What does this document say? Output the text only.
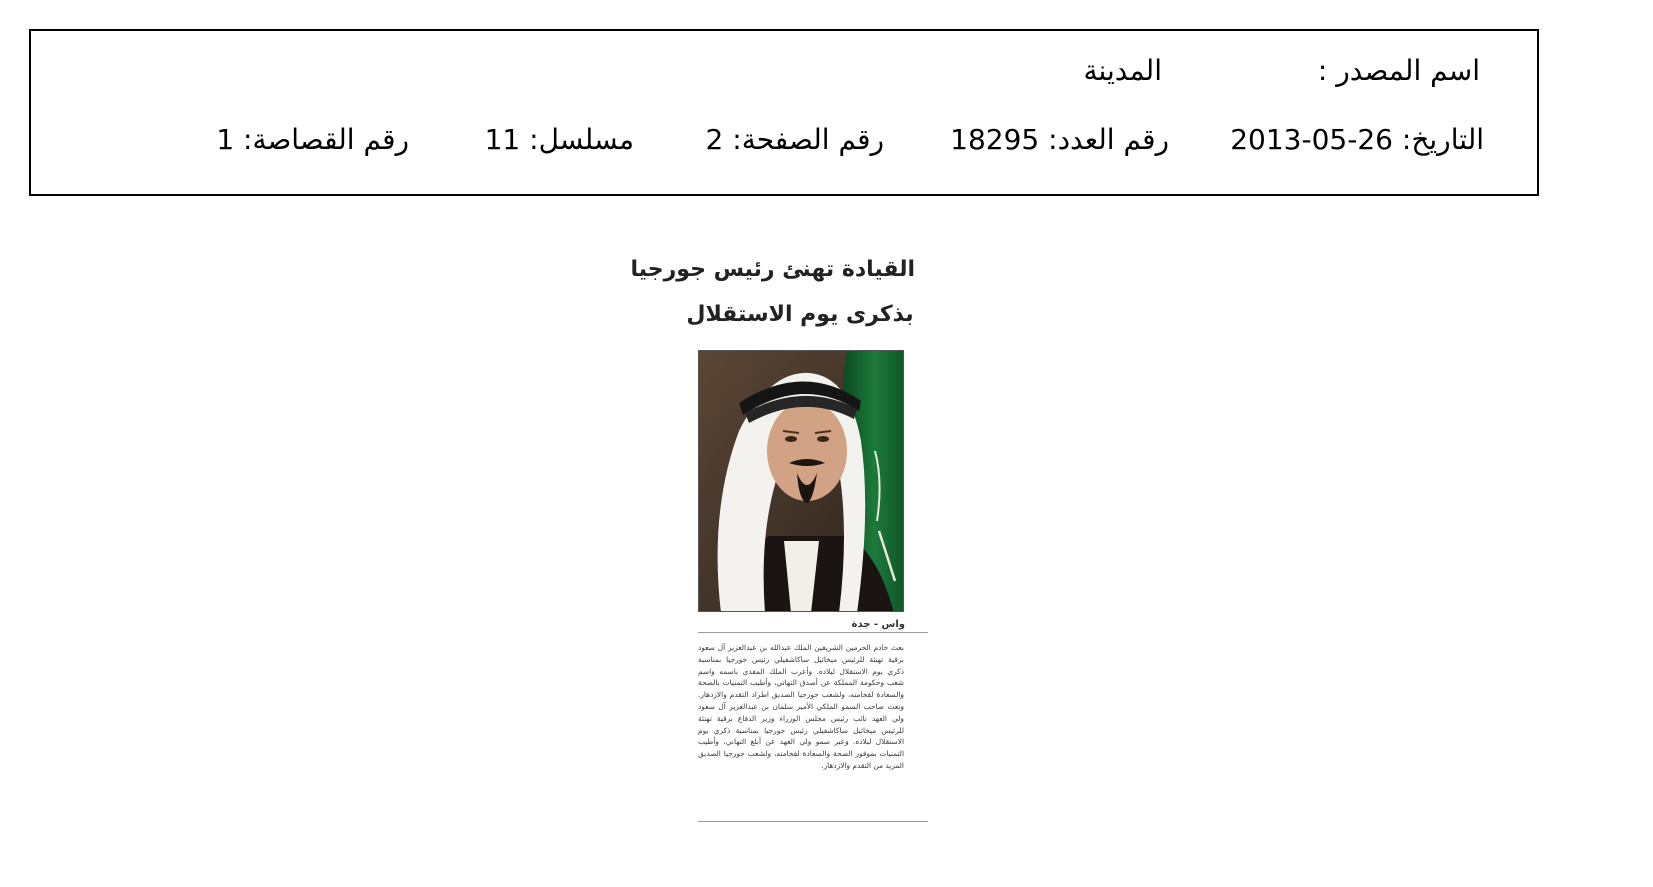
اسم المصدر :
المدينة
التاريخ: 26-05-2013
رقم العدد: 18295
رقم الصفحة: 2
مسلسل: 11
رقم القصاصة: 1
القيادة تهنئ رئيس جورجيا
بذكرى يوم الاستقلال
واس - جدة
بعث خادم الحرمين الشريفين الملك عبدالله بن عبدالعزيز آل سعود برقية تهنئة للرئيس ميخائيل ساكاشفيلي رئيس جورجيا بمناسبة ذكرى يوم الاستقلال لبلاده. وأعرب الملك المفدى باسمه واسم شعب وحكومة المملكة عن أصدق التهاني، وأطيب التمنيات بالصحة والسعادة لفخامته، ولشعب جورجيا الصديق اطراد التقدم والازدهار. وبعث صاحب السمو الملكي الأمير سلمان بن عبدالعزيز آل سعود ولي العهد نائب رئيس مجلس الوزراء وزير الدفاع برقية تهنئة للرئيس ميخائيل ساكاشفيلي رئيس جورجيا بمناسبة ذكرى يوم الاستقلال لبلاده. وعبر سمو ولي العهد عن أبلغ التهاني، وأطيب التمنيات بموفور الصحة والسعادة لفخامته، ولشعب جورجيا الصديق المزيد من التقدم والازدهار.
